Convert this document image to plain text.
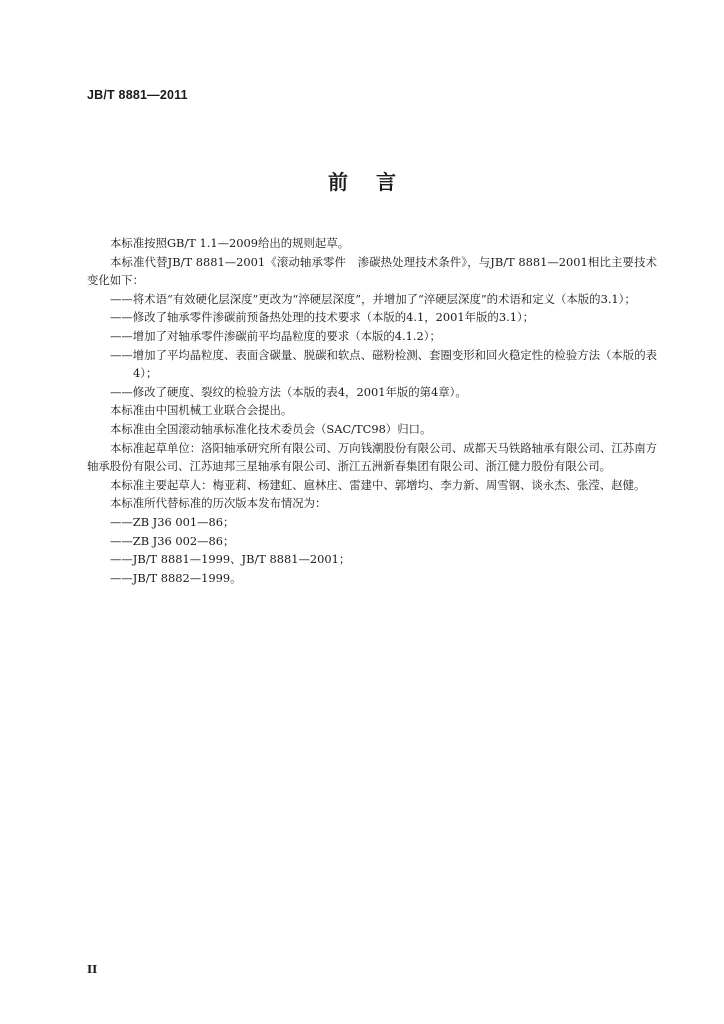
JB/T 8881—2011
前言

本标准按照GB/T 1.1—2009给出的规则起草。

本标准代替JB/T 8881—2001《滚动轴承零件　渗碳热处理技术条件》，与JB/T 8881—2001相比主要技术变化如下：

——将术语“有效硬化层深度”更改为“淬硬层深度”，并增加了“淬硬层深度”的术语和定义（本版的3.1）；

——修改了轴承零件渗碳前预备热处理的技术要求（本版的4.1，2001年版的3.1）；

——增加了对轴承零件渗碳前平均晶粒度的要求（本版的4.1.2）；

——增加了平均晶粒度、表面含碳量、脱碳和软点、磁粉检测、套圈变形和回火稳定性的检验方法（本版的表4）；

——修改了硬度、裂纹的检验方法（本版的表4，2001年版的第4章）。

本标准由中国机械工业联合会提出。

本标准由全国滚动轴承标准化技术委员会（SAC/TC98）归口。

本标准起草单位：洛阳轴承研究所有限公司、万向钱潮股份有限公司、成都天马铁路轴承有限公司、江苏南方轴承股份有限公司、江苏迪邦三星轴承有限公司、浙江五洲新春集团有限公司、浙江健力股份有限公司。

本标准主要起草人：梅亚莉、杨建虹、扈林庄、雷建中、郭增均、李力新、周雪钢、谈永杰、张滢、赵健。

本标准所代替标准的历次版本发布情况为：

——ZB J36 001—86；

——ZB J36 002—86；

——JB/T 8881—1999、JB/T 8881—2001；

——JB/T 8882—1999。

II
